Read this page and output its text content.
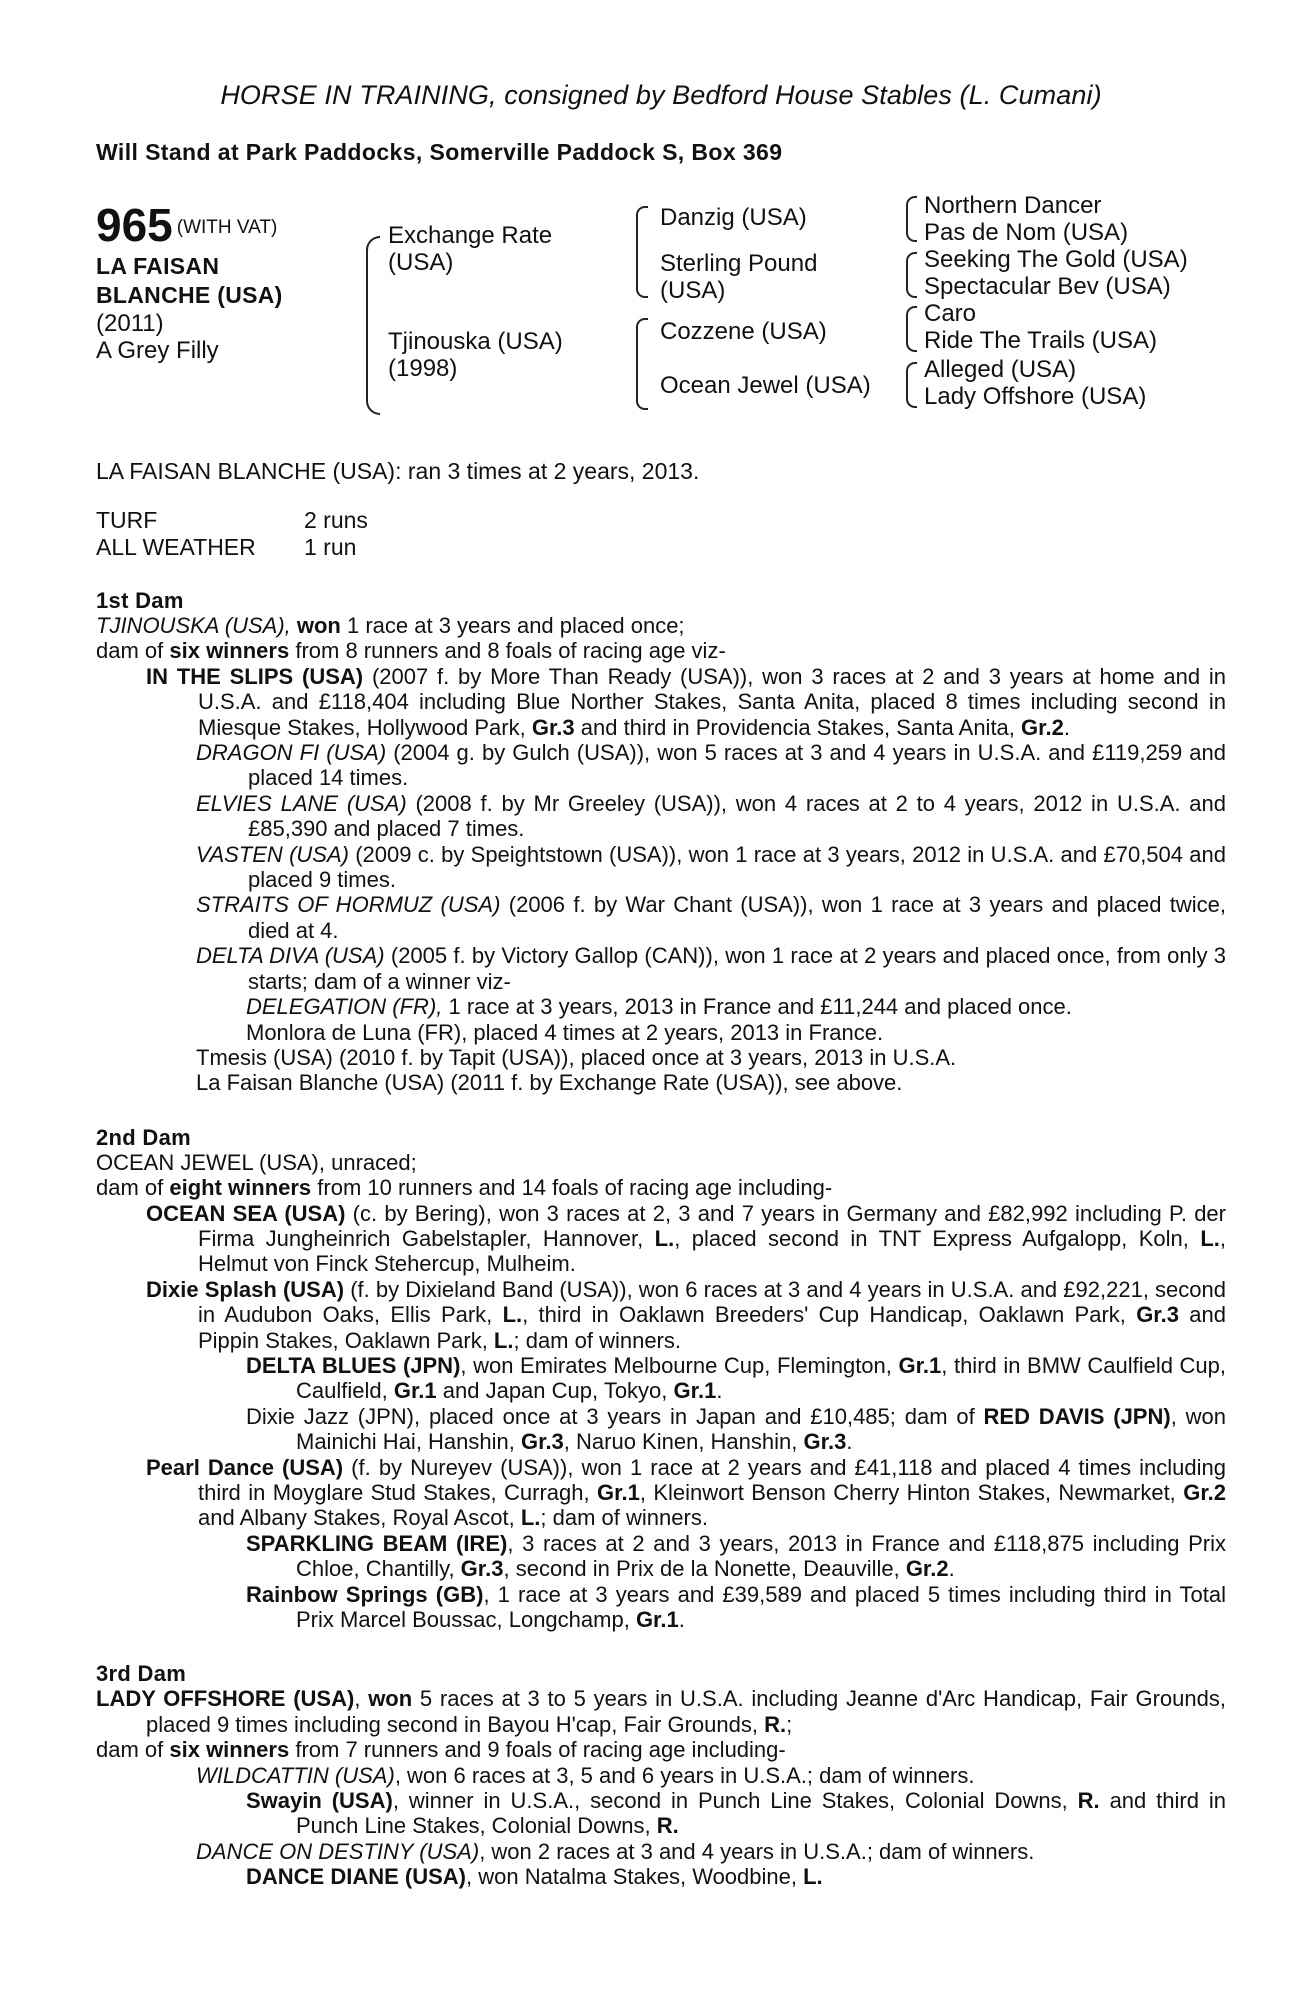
HORSE IN TRAINING, consigned by Bedford House Stables (L. Cumani)
Will Stand at Park Paddocks, Somerville Paddock S, Box 369
965 $^{(WITH VAT)}$
LA FAISAN
BLANCHE (USA)
(2011)
A Grey Filly
Exchange Rate
(USA)
Tjinouska (USA)
(1998)
Danzig (USA)
Sterling Pound
(USA)
Cozzene (USA)
Ocean Jewel (USA)
Northern Dancer
Pas de Nom (USA)
Seeking The Gold (USA)
Spectacular Bev (USA)
Caro
Ride The Trails (USA)
Alleged (USA)
Lady Offshore (USA)
LA FAISAN BLANCHE (USA): ran 3 times at 2 years, 2013.
TURF	2 runs
ALL WEATHER	1 run
1st Dam
TJINOUSKA (USA), won 1 race at 3 years and placed once;
dam of six winners from 8 runners and 8 foals of racing age viz-
IN THE SLIPS (USA) (2007 f. by More Than Ready (USA)), won 3 races at 2 and 3 years at home and in U.S.A. and £118,404 including Blue Norther Stakes, Santa Anita, placed 8 times including second in Miesque Stakes, Hollywood Park, Gr.3 and third in Providencia Stakes, Santa Anita, Gr.2.
DRAGON FI (USA) (2004 g. by Gulch (USA)), won 5 races at 3 and 4 years in U.S.A. and £119,259 and placed 14 times.
ELVIES LANE (USA) (2008 f. by Mr Greeley (USA)), won 4 races at 2 to 4 years, 2012 in U.S.A. and £85,390 and placed 7 times.
VASTEN (USA) (2009 c. by Speightstown (USA)), won 1 race at 3 years, 2012 in U.S.A. and £70,504 and placed 9 times.
STRAITS OF HORMUZ (USA) (2006 f. by War Chant (USA)), won 1 race at 3 years and placed twice, died at 4.
DELTA DIVA (USA) (2005 f. by Victory Gallop (CAN)), won 1 race at 2 years and placed once, from only 3 starts; dam of a winner viz-
DELEGATION (FR), 1 race at 3 years, 2013 in France and £11,244 and placed once.
Monlora de Luna (FR), placed 4 times at 2 years, 2013 in France.
Tmesis (USA) (2010 f. by Tapit (USA)), placed once at 3 years, 2013 in U.S.A.
La Faisan Blanche (USA) (2011 f. by Exchange Rate (USA)), see above.
2nd Dam
OCEAN JEWEL (USA), unraced;
dam of eight winners from 10 runners and 14 foals of racing age including-
OCEAN SEA (USA) (c. by Bering), won 3 races at 2, 3 and 7 years in Germany and £82,992 including P. der Firma Jungheinrich Gabelstapler, Hannover, L., placed second in TNT Express Aufgalopp, Koln, L., Helmut von Finck Stehercup, Mulheim.
Dixie Splash (USA) (f. by Dixieland Band (USA)), won 6 races at 3 and 4 years in U.S.A. and £92,221, second in Audubon Oaks, Ellis Park, L., third in Oaklawn Breeders' Cup Handicap, Oaklawn Park, Gr.3 and Pippin Stakes, Oaklawn Park, L.; dam of winners.
DELTA BLUES (JPN), won Emirates Melbourne Cup, Flemington, Gr.1, third in BMW Caulfield Cup, Caulfield, Gr.1 and Japan Cup, Tokyo, Gr.1.
Dixie Jazz (JPN), placed once at 3 years in Japan and £10,485; dam of RED DAVIS (JPN), won Mainichi Hai, Hanshin, Gr.3, Naruo Kinen, Hanshin, Gr.3.
Pearl Dance (USA) (f. by Nureyev (USA)), won 1 race at 2 years and £41,118 and placed 4 times including third in Moyglare Stud Stakes, Curragh, Gr.1, Kleinwort Benson Cherry Hinton Stakes, Newmarket, Gr.2 and Albany Stakes, Royal Ascot, L.; dam of winners.
SPARKLING BEAM (IRE), 3 races at 2 and 3 years, 2013 in France and £118,875 including Prix Chloe, Chantilly, Gr.3, second in Prix de la Nonette, Deauville, Gr.2.
Rainbow Springs (GB), 1 race at 3 years and £39,589 and placed 5 times including third in Total Prix Marcel Boussac, Longchamp, Gr.1.
3rd Dam
LADY OFFSHORE (USA), won 5 races at 3 to 5 years in U.S.A. including Jeanne d'Arc Handicap, Fair Grounds, placed 9 times including second in Bayou H'cap, Fair Grounds, R.;
dam of six winners from 7 runners and 9 foals of racing age including-
WILDCATTIN (USA), won 6 races at 3, 5 and 6 years in U.S.A.; dam of winners.
Swayin (USA), winner in U.S.A., second in Punch Line Stakes, Colonial Downs, R. and third in Punch Line Stakes, Colonial Downs, R.
DANCE ON DESTINY (USA), won 2 races at 3 and 4 years in U.S.A.; dam of winners.
DANCE DIANE (USA), won Natalma Stakes, Woodbine, L.
